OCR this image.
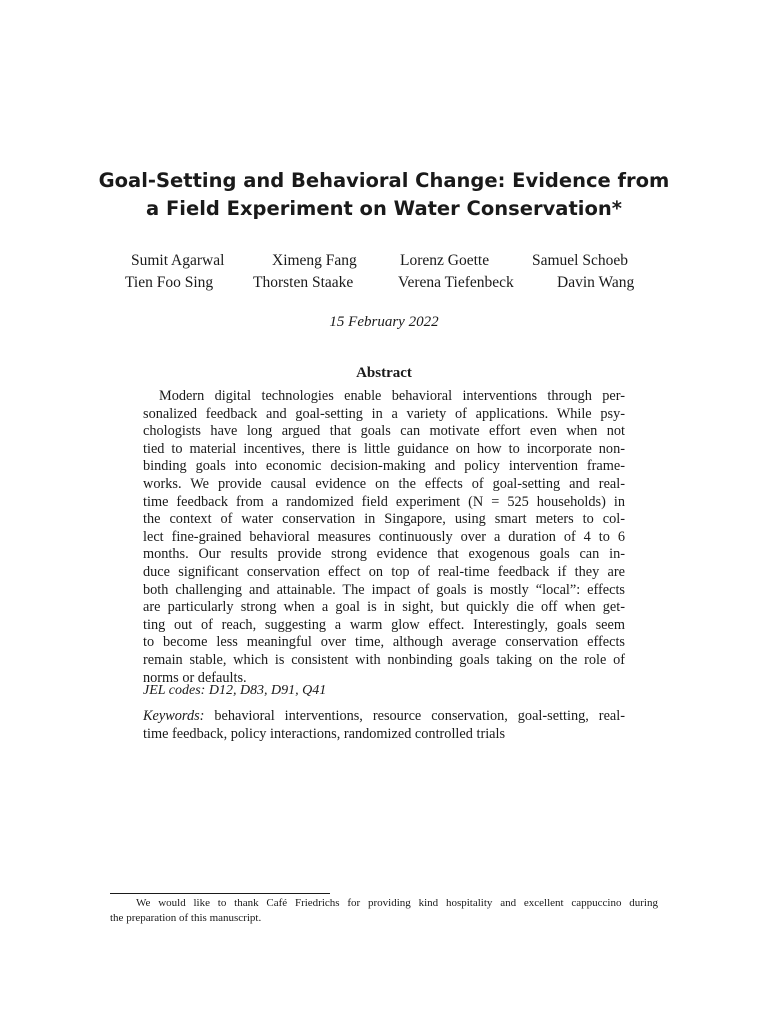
Goal-Setting and Behavioral Change: Evidence from
a Field Experiment on Water Conservation*
Sumit Agarwal	Ximeng Fang	Lorenz Goette	Samuel Schoeb
Tien Foo Sing	Thorsten Staake	Verena Tiefenbeck	Davin Wang
15 February 2022
Abstract
Modern digital technologies enable behavioral interventions through per-
sonalized feedback and goal-setting in a variety of applications. While psy-
chologists have long argued that goals can motivate effort even when not
tied to material incentives, there is little guidance on how to incorporate non-
binding goals into economic decision-making and policy intervention frame-
works. We provide causal evidence on the effects of goal-setting and real-
time feedback from a randomized field experiment (N = 525 households) in
the context of water conservation in Singapore, using smart meters to col-
lect fine-grained behavioral measures continuously over a duration of 4 to 6
months. Our results provide strong evidence that exogenous goals can in-
duce significant conservation effect on top of real-time feedback if they are
both challenging and attainable. The impact of goals is mostly “local”: effects
are particularly strong when a goal is in sight, but quickly die off when get-
ting out of reach, suggesting a warm glow effect. Interestingly, goals seem
to become less meaningful over time, although average conservation effects
remain stable, which is consistent with nonbinding goals taking on the role of
norms or defaults.
JEL codes: D12, D83, D91, Q41
Keywords: behavioral interventions, resource conservation, goal-setting, real-
time feedback, policy interactions, randomized controlled trials
We would like to thank Café Friedrichs for providing kind hospitality and excellent cappuccino during
the preparation of this manuscript.
